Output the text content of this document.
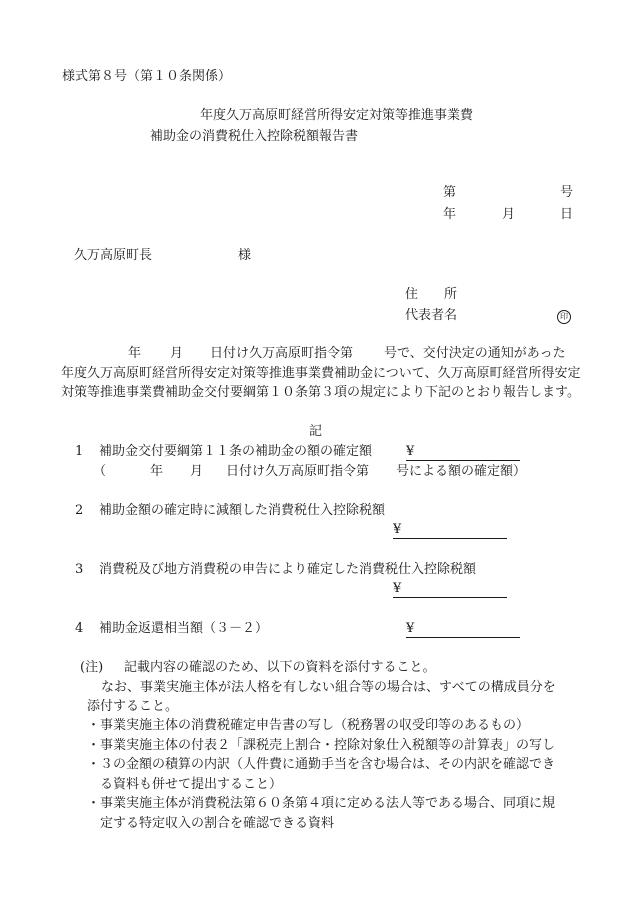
様式第８号（第１０条関係）
年度久万高原町経営所得安定対策等推進事業費
補助金の消費税仕入控除税額報告書
第	号
年	月	日
久万高原町長	様
住　　所
代表者名	印
年 月 日付け久万高原町指令第 号で、交付決定の通知があった
年度久万高原町経営所得安定対策等推進事業費補助金について、久万高原町経営所得安定
対策等推進事業費補助金交付要綱第１０条第３項の規定により下記のとおり報告します。
記
1 補助金交付要綱第１１条の補助金の額の確定額	¥
（	年 月 日付け久万高原町指令第 号による額の確定額）
2 補助金額の確定時に減額した消費税仕入控除税額
¥
3 消費税及び地方消費税の申告により確定した消費税仕入控除税額
¥
4 補助金返還相当額（３－２）	¥
(注) 記載内容の確認のため、以下の資料を添付すること。
なお、事業実施主体が法人格を有しない組合等の場合は、すべての構成員分を
添付すること。
・事業実施主体の消費税確定申告書の写し（税務署の収受印等のあるもの）
・事業実施主体の付表２「課税売上割合・控除対象仕入税額等の計算表」の写し
・３の金額の積算の内訳（人件費に通勤手当を含む場合は、その内訳を確認でき
　る資料も併せて提出すること）
・事業実施主体が消費税法第６０条第４項に定める法人等である場合、同項に規
　定する特定収入の割合を確認できる資料
